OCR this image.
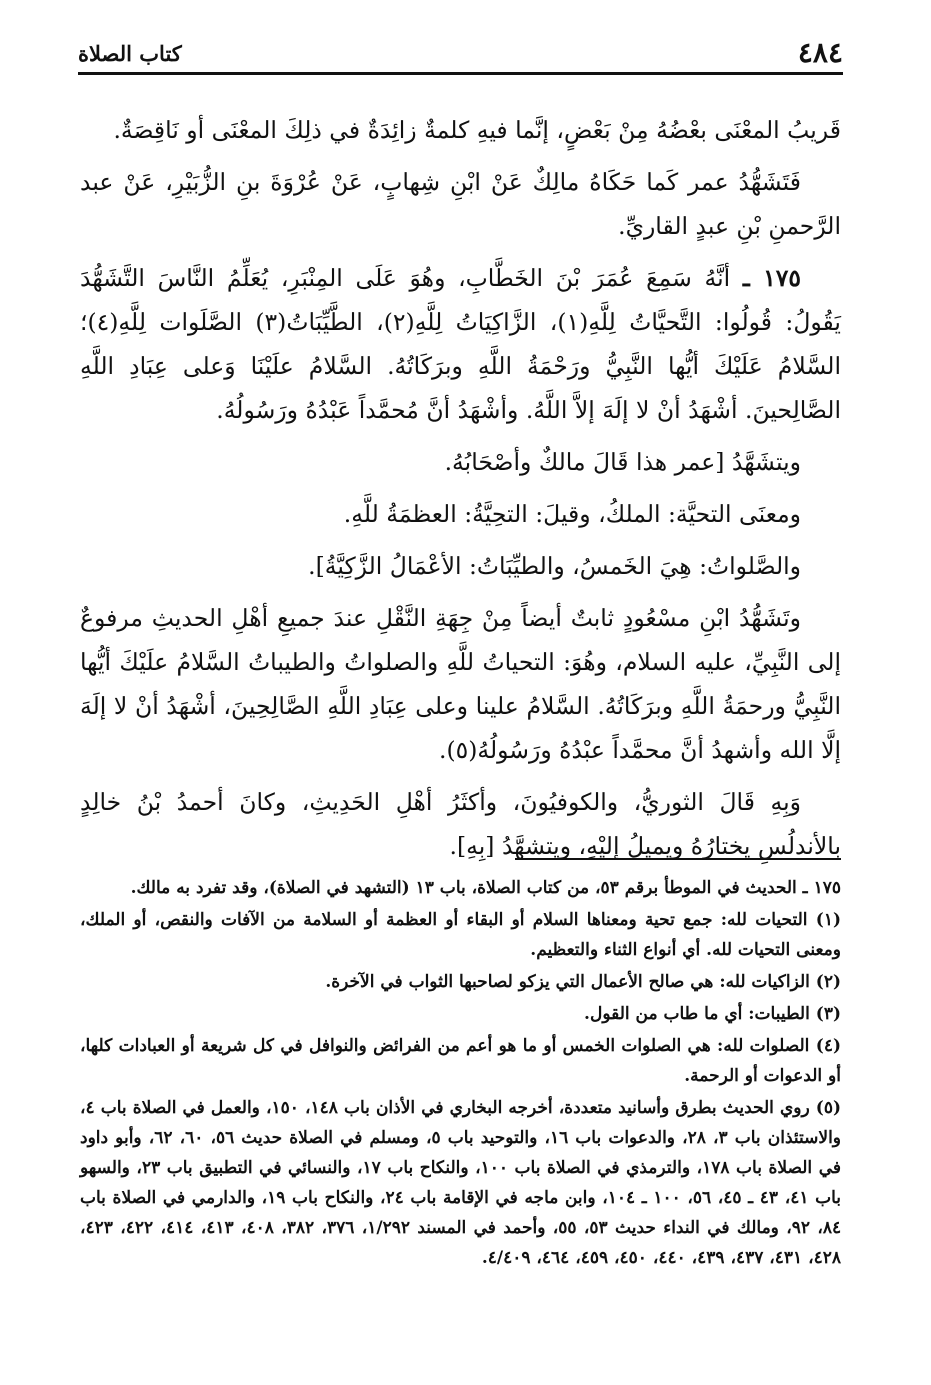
٤٨٤
كتاب الصلاة

قَريبُ المعْنَى بعْضُهُ مِنْ بَعْضٍ، إنَّما فيهِ كلمةٌ زائِدَةٌ في ذلِكَ المعْنَى أو نَاقِصَةٌ.

فَتَشَهُّدُ عمر كَما حَكَاهُ مالِكٌ عَنْ ابْنِ شِهابٍ، عَنْ عُرْوَةَ بنِ الزُّبَيْرِ، عَنْ عبد الرَّحمنِ بْنِ عبدٍ القاريِّ.

١٧٥ ـ أنَّهُ سَمِعَ عُمَرَ بْنَ الخَطَّابِ، وهُوَ عَلَى المِنْبَرِ، يُعَلِّمُ النَّاسَ التَّشَهُّدَ يَقُولُ: قُولُوا: التَّحيَّاتُ لِلَّهِ(١)، الزَّاكِيَاتُ لِلَّهِ(٢)، الطَّيِّبَاتُ(٣) الصَّلَوات لِلَّهِ(٤)؛ السَّلامُ عَلَيْكَ أيُّها النَّبِيُّ ورَحْمَةُ اللَّهِ وبرَكَاتُهُ. السَّلامُ علَيْنَا وَعلى عِبَادِ اللَّهِ الصَّالِحينَ. أشْهَدُ أنْ لا إلَهَ إلاَّ اللَّهُ. وأشْهَدُ أنَّ مُحمَّداً عَبْدُهُ ورَسُولُهُ.

ويتشَهَّدُ [عمر هذا قَالَ مالكٌ وأصْحَابُهُ.

ومعنَى التحيَّة: الملكُ، وقيلَ: التحِيَّةُ: العظمَةُ للَّهِ.

والصَّلواتُ: هِيَ الخَمسُ، والطيِّبَاتُ: الأعْمَالُ الزَّكِيَّةُ].

وتَشَهُّدُ ابْنِ مسْعُودٍ ثابتٌ أيضاً مِنْ جِهَةِ النَّقْلِ عندَ جميعِ أهْلِ الحديثِ مرفوعٌ إلى النَّبِيِّ، عليه السلام، وهُوَ: التحياتُ للَّهِ والصلواتُ والطيباتُ السَّلامُ علَيْكَ أيُّها النَّبِيُّ ورحمَةُ اللَّهِ وبرَكَاتُهُ. السَّلامُ علينا وعلى عِبَادِ اللَّهِ الصَّالِحِينَ، أشْهَدُ أنْ لا إلَهَ إلَّا الله وأشهدُ أنَّ محمَّداً عبْدُهُ ورَسُولُهُ(٥).

وَبِهِ قَالَ الثوريُّ، والكوفيُونَ، وأكثَرُ أهْلِ الحَدِيثِ، وكانَ أحمدُ بْنُ خالِدٍ بالأندلُسِ يختارُهُ ويميلُ إليْهِ، ويتشهَّدُ [بِهِ].

١٧٥ ـ الحديث في الموطأ برقم ٥٣، من كتاب الصلاة، باب ١٣ (التشهد في الصلاة)، وقد تفرد به مالك.

(١) التحيات لله: جمع تحية ومعناها السلام أو البقاء أو العظمة أو السلامة من الآفات والنقص، أو الملك، ومعنى التحيات لله. أي أنواع الثناء والتعظيم.

(٢) الزاكيات لله: هي صالح الأعمال التي يزكو لصاحبها الثواب في الآخرة.

(٣) الطيبات: أي ما طاب من القول.

(٤) الصلوات لله: هي الصلوات الخمس أو ما هو أعم من الفرائض والنوافل في كل شريعة أو العبادات كلها، أو الدعوات أو الرحمة.

(٥) روي الحديث بطرق وأسانيد متعددة، أخرجه البخاري في الأذان باب ١٤٨، ١٥٠، والعمل في الصلاة باب ٤، والاستئذان باب ٣، ٢٨، والدعوات باب ١٦، والتوحيد باب ٥، ومسلم في الصلاة حديث ٥٦، ٦٠، ٦٢، وأبو داود في الصلاة باب ١٧٨، والترمذي في الصلاة باب ١٠٠، والنكاح باب ١٧، والنسائي في التطبيق باب ٢٣، والسهو باب ٤١، ٤٣ ـ ٤٥، ٥٦، ١٠٠ ـ ١٠٤، وابن ماجه في الإقامة باب ٢٤، والنكاح باب ١٩، والدارمي في الصلاة باب ٨٤، ٩٢، ومالك في النداء حديث ٥٣، ٥٥، وأحمد في المسند ١/٢٩٢، ٣٧٦، ٣٨٢، ٤٠٨، ٤١٣، ٤١٤، ٤٢٢، ٤٢٣، ٤٢٨، ٤٣١، ٤٣٧، ٤٣٩، ٤٤٠، ٤٥٠، ٤٥٩، ٤٦٤، ٤/٤٠٩.
